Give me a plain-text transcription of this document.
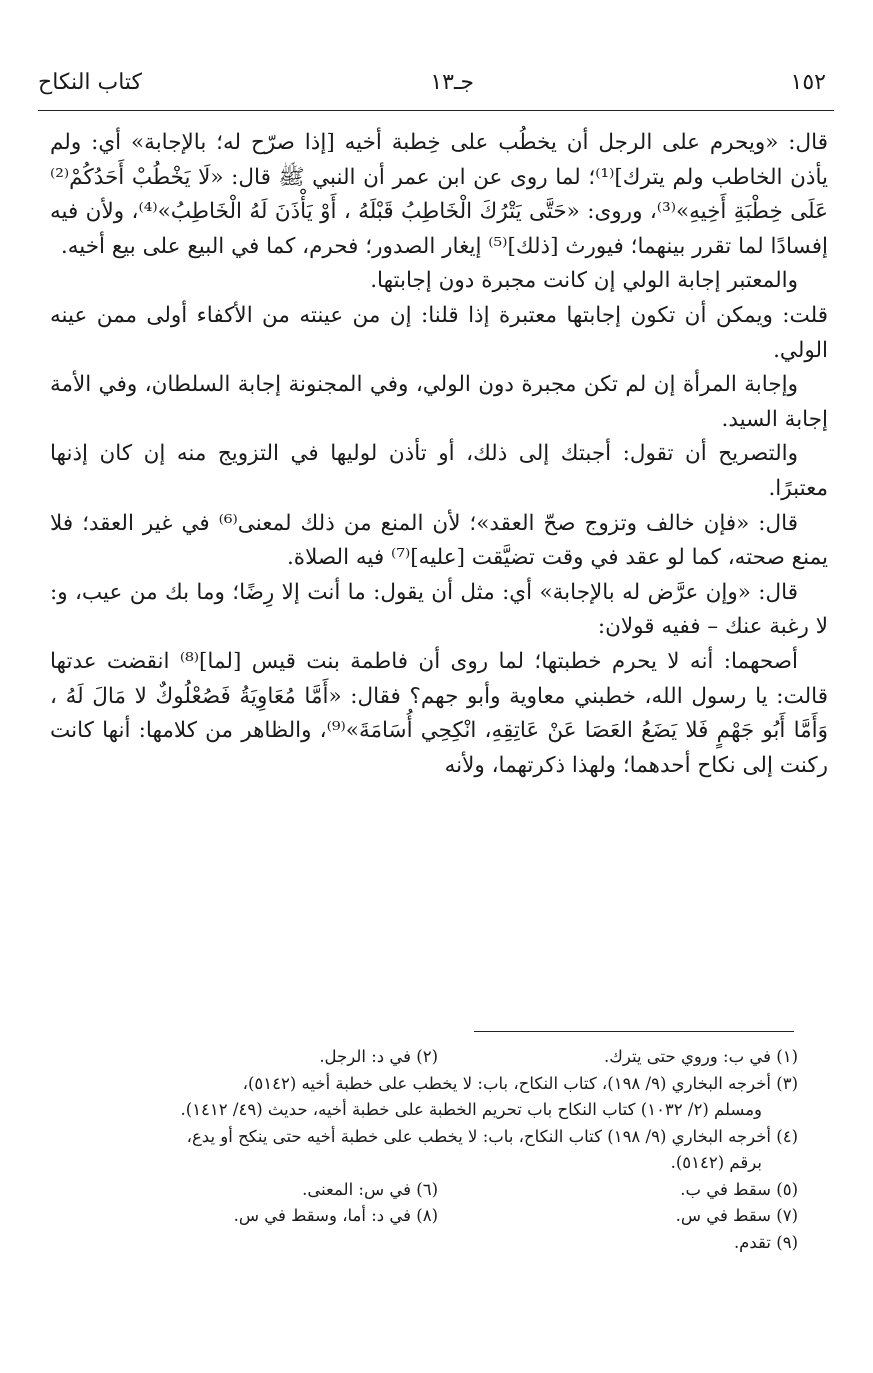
١٥٢
جـ١٣
كتاب النكاح

قال: «ويحرم على الرجل أن يخطُب على خِطبة أخيه [إذا صرّح له؛ بالإجابة» أي: ولم يأذن الخاطب ولم يترك]⁽¹⁾؛ لما روى عن ابن عمر أن النبي ﷺ قال: «لَا يَخْطُبْ أَحَدُكُمْ⁽²⁾ عَلَى خِطْبَةِ أَخِيهِ»⁽³⁾، وروى: «حَتَّى يَتْرُكَ الْخَاطِبُ قَبْلَهُ ، أَوْ يَأْذَنَ لَهُ الْخَاطِبُ»⁽⁴⁾، ولأن فيه إفسادًا لما تقرر بينهما؛ فيورث [ذلك]⁽⁵⁾ إيغار الصدور؛ فحرم، كما في البيع على بيع أخيه.

والمعتبر إجابة الولي إن كانت مجبرة دون إجابتها.

قلت: ويمكن أن تكون إجابتها معتبرة إذا قلنا: إن من عينته من الأكفاء أولى ممن عينه الولي.

وإجابة المرأة إن لم تكن مجبرة دون الولي، وفي المجنونة إجابة السلطان، وفي الأمة إجابة السيد.

والتصريح أن تقول: أجبتك إلى ذلك، أو تأذن لوليها في التزويج منه إن كان إذنها معتبرًا.

قال: «فإن خالف وتزوج صحّ العقد»؛ لأن المنع من ذلك لمعنى⁽⁶⁾ في غير العقد؛ فلا يمنع صحته، كما لو عقد في وقت تضيَّقت [عليه]⁽⁷⁾ فيه الصلاة.

قال: «وإن عرَّض له بالإجابة» أي: مثل أن يقول: ما أنت إلا رِضًا؛ وما بك من عيب، و: لا رغبة عنك – ففيه قولان:

أصحهما: أنه لا يحرم خطبتها؛ لما روى أن فاطمة بنت قيس [لما]⁽⁸⁾ انقضت عدتها قالت: يا رسول الله، خطبني معاوية وأبو جهم؟ فقال: «أَمَّا مُعَاوِيَةُ فَصُعْلُوكٌ لا مَالَ لَهُ ، وَأَمَّا أَبُو جَهْمٍ فَلا يَضَعُ العَصَا عَنْ عَاتِقِهِ، انْكِحِي أُسَامَةَ»⁽⁹⁾، والظاهر من كلامها: أنها كانت ركنت إلى نكاح أحدهما؛ ولهذا ذكرتهما، ولأنه

(١) في ب: وروي حتى يترك.
(٢) في د: الرجل.
(٣) أخرجه البخاري (٩/ ١٩٨)، كتاب النكاح، باب: لا يخطب على خطبة أخيه (٥١٤٢)،
ومسلم (٢/ ١٠٣٢) كتاب النكاح باب تحريم الخطبة على خطبة أخيه، حديث (٤٩/ ١٤١٢).
(٤) أخرجه البخاري (٩/ ١٩٨) كتاب النكاح، باب: لا يخطب على خطبة أخيه حتى ينكح أو يدع،
برقم (٥١٤٢).
(٥) سقط في ب.
(٦) في س: المعنى.
(٧) سقط في س.
(٨) في د: أما، وسقط في س.
(٩) تقدم.
